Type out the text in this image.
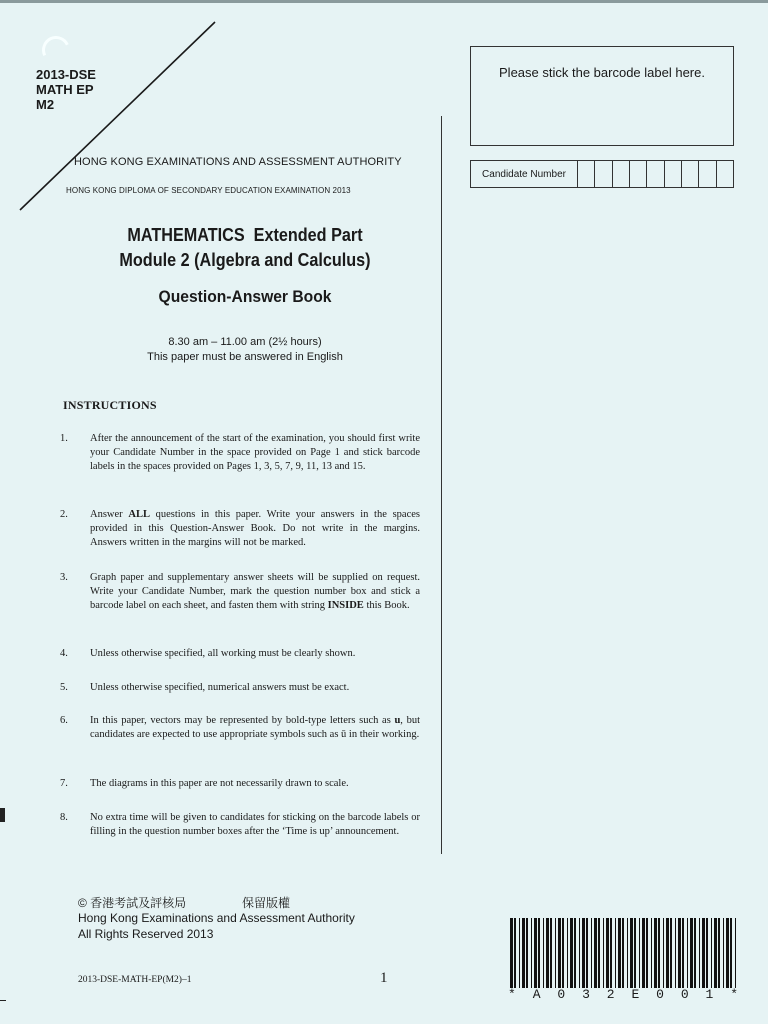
2013-DSE
MATH EP
M2
HONG KONG EXAMINATIONS AND ASSESSMENT AUTHORITY
HONG KONG DIPLOMA OF SECONDARY EDUCATION EXAMINATION 2013
MATHEMATICS  Extended Part
Module 2 (Algebra and Calculus)
Question-Answer Book
8.30 am – 11.00 am (2½ hours)
This paper must be answered in English
Please stick the barcode label here.
Candidate Number
INSTRUCTIONS
1.	After the announcement of the start of the examination, you should first write your Candidate Number in the space provided on Page 1 and stick barcode labels in the spaces provided on Pages 1, 3, 5, 7, 9, 11, 13 and 15.
2.	Answer ALL questions in this paper. Write your answers in the spaces provided in this Question-Answer Book. Do not write in the margins. Answers written in the margins will not be marked.
3.	Graph paper and supplementary answer sheets will be supplied on request. Write your Candidate Number, mark the question number box and stick a barcode label on each sheet, and fasten them with string INSIDE this Book.
4.	Unless otherwise specified, all working must be clearly shown.
5.	Unless otherwise specified, numerical answers must be exact.
6.	In this paper, vectors may be represented by bold-type letters such as u, but candidates are expected to use appropriate symbols such as ū in their working.
7.	The diagrams in this paper are not necessarily drawn to scale.
8.	No extra time will be given to candidates for sticking on the barcode labels or filling in the question number boxes after the ‘Time is up’ announcement.
© 香港考試及評核局	保留版權
Hong Kong Examinations and Assessment Authority
All Rights Reserved 2013
2013-DSE-MATH-EP(M2)–1	1
* A 0 3 2 E 0 0 1 *
